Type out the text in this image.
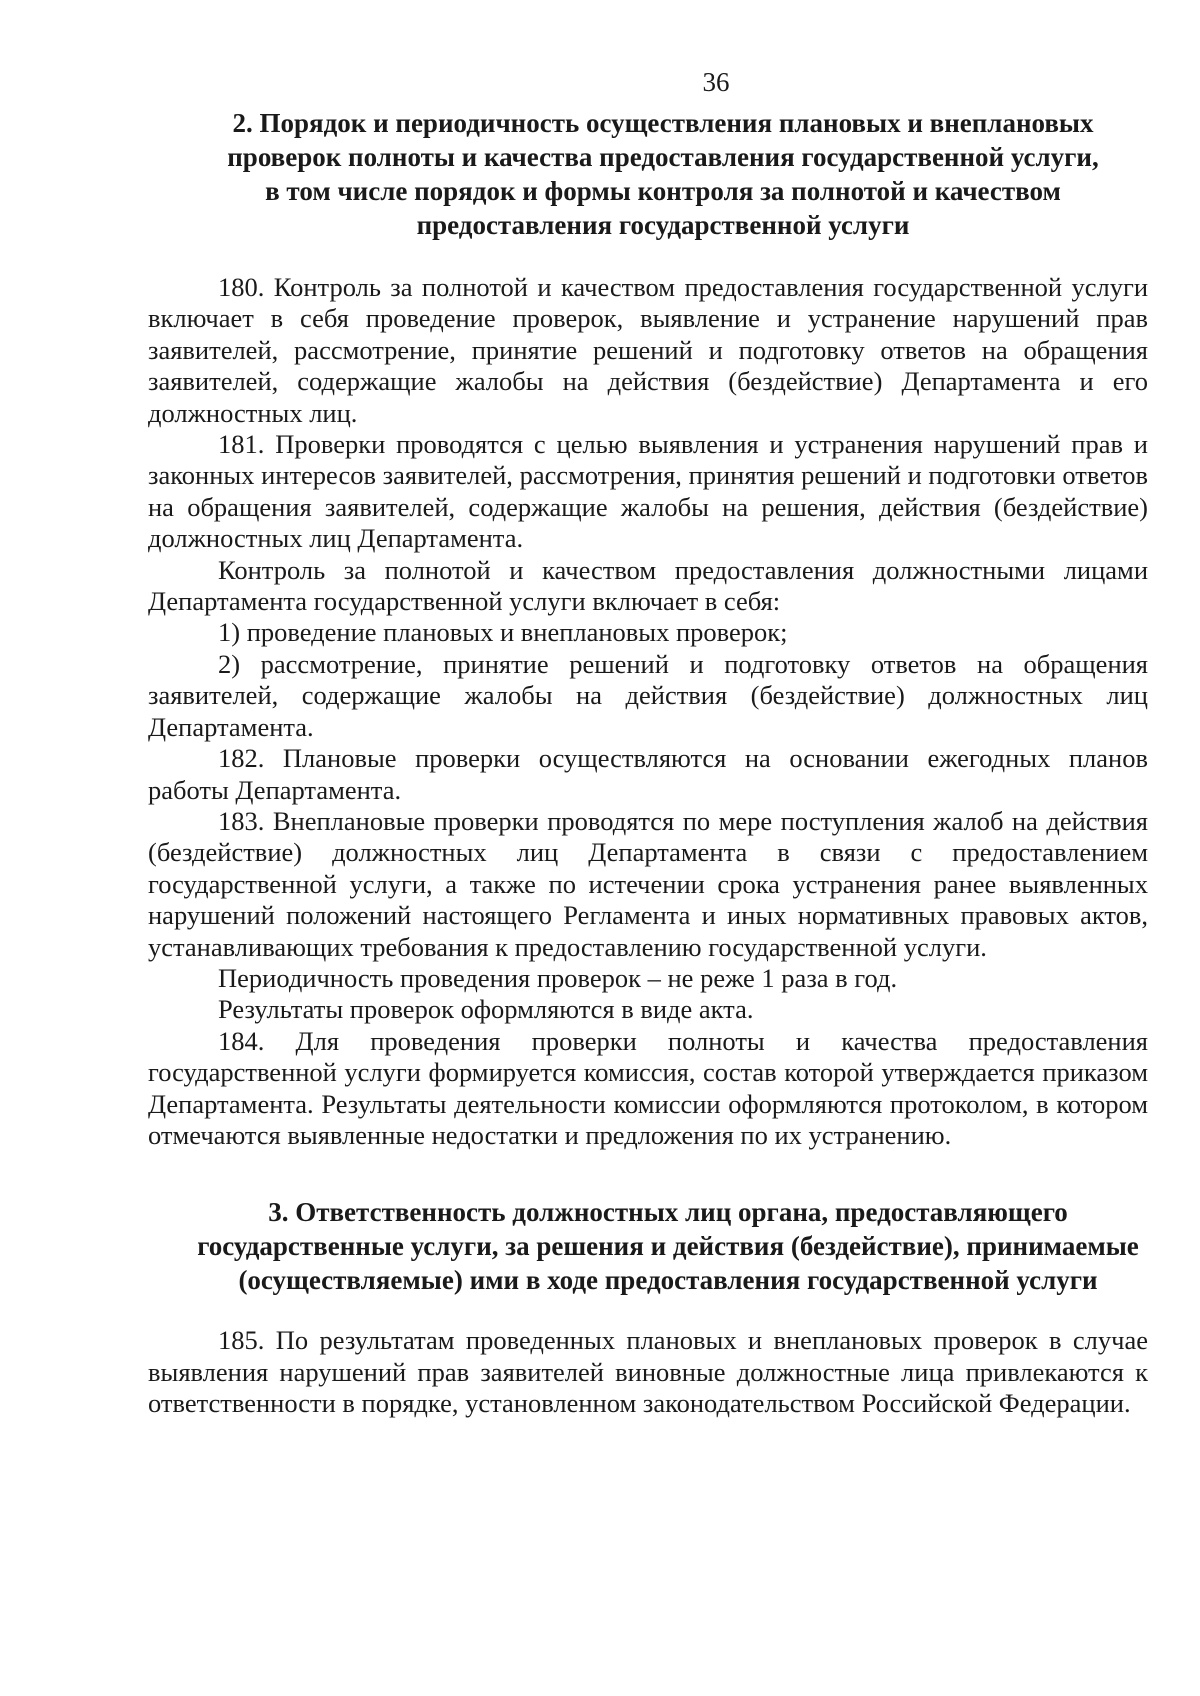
36
2. Порядок и периодичность осуществления плановых и внеплановых
проверок полноты и качества предоставления государственной услуги,
в том числе порядок и формы контроля за полнотой и качеством
предоставления государственной услуги

180. Контроль за полнотой и качеством предоставления государственной услуги включает в себя проведение проверок, выявление и устранение нарушений прав заявителей, рассмотрение, принятие решений и подготовку ответов на обращения заявителей, содержащие жалобы на действия (бездействие) Департамента и его должностных лиц.

181. Проверки проводятся с целью выявления и устранения нарушений прав и законных интересов заявителей, рассмотрения, принятия решений и подготовки ответов на обращения заявителей, содержащие жалобы на решения, действия (бездействие) должностных лиц Департамента.

Контроль за полнотой и качеством предоставления должностными лицами Департамента государственной услуги включает в себя:

1) проведение плановых и внеплановых проверок;

2) рассмотрение, принятие решений и подготовку ответов на обращения заявителей, содержащие жалобы на действия (бездействие) должностных лиц Департамента.

182. Плановые проверки осуществляются на основании ежегодных планов работы Департамента.

183. Внеплановые проверки проводятся по мере поступления жалоб на действия (бездействие) должностных лиц Департамента в связи с предоставлением государственной услуги, а также по истечении срока устранения ранее выявленных нарушений положений настоящего Регламента и иных нормативных правовых актов, устанавливающих требования к предоставлению государственной услуги.

Периодичность проведения проверок – не реже 1 раза в год.

Результаты проверок оформляются в виде акта.

184. Для проведения проверки полноты и качества предоставления государственной услуги формируется комиссия, состав которой утверждается приказом Департамента. Результаты деятельности комиссии оформляются протоколом, в котором отмечаются выявленные недостатки и предложения по их устранению.

3. Ответственность должностных лиц органа, предоставляющего
государственные услуги, за решения и действия (бездействие), принимаемые
(осуществляемые) ими в ходе предоставления государственной услуги

185. По результатам проведенных плановых и внеплановых проверок в случае выявления нарушений прав заявителей виновные должностные лица привлекаются к ответственности в порядке, установленном законодательством Российской Федерации.
